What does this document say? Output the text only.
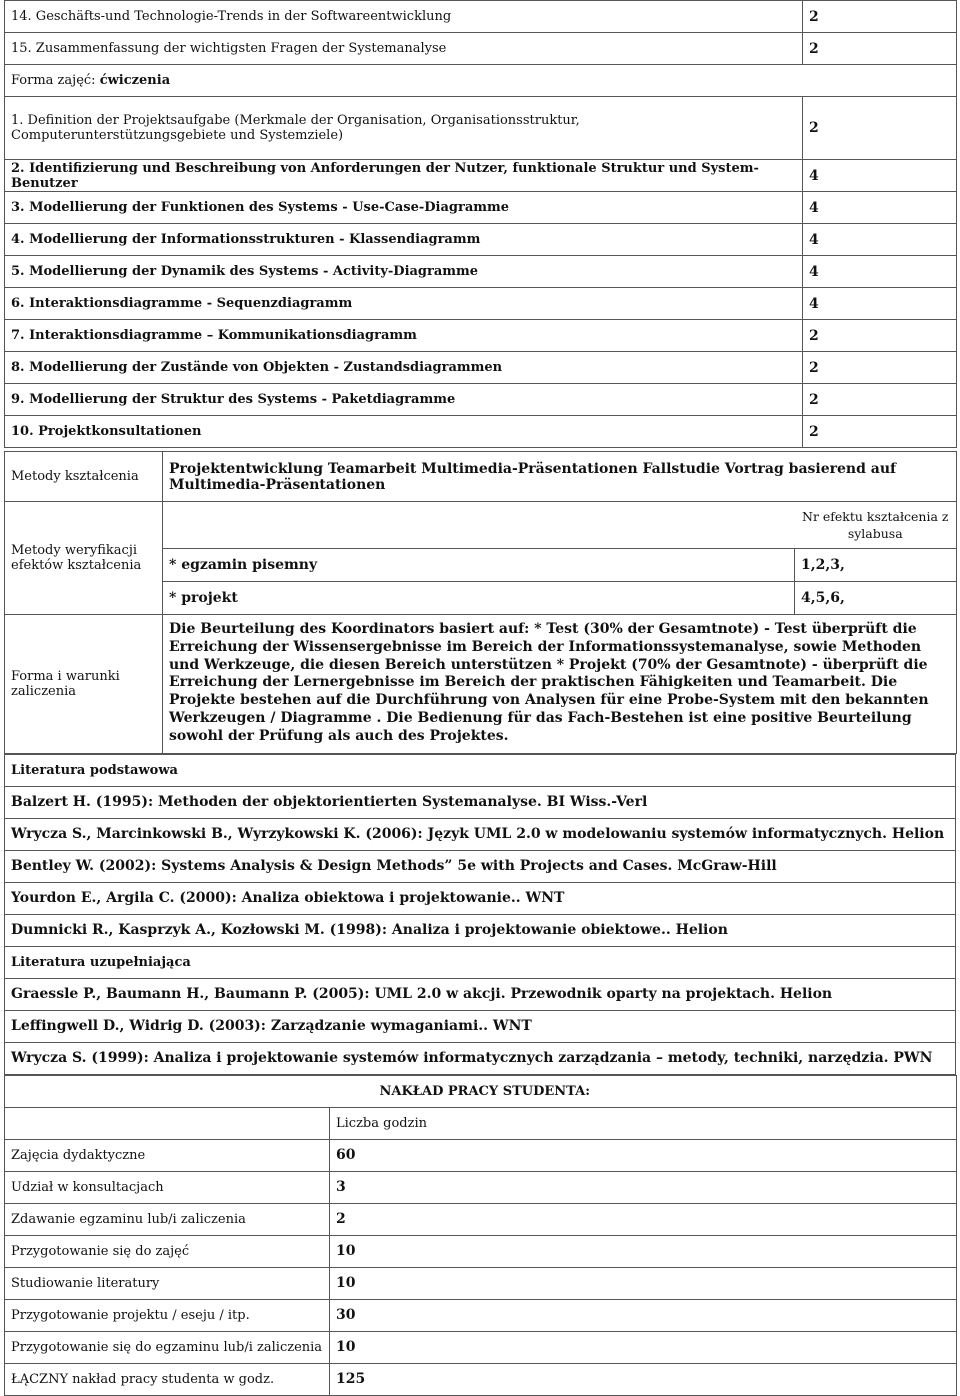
14. Geschäfts-und Technologie-Trends in der Softwareentwicklung	2
15. Zusammenfassung der wichtigsten Fragen der Systemanalyse	2
Forma zajęć: ćwiczenia	
1. Definition der Projektsaufgabe (Merkmale der Organisation, Organisationsstruktur, Computerunterstützungsgebiete und Systemziele)	2
2. Identifizierung und Beschreibung von Anforderungen der Nutzer, funktionale Struktur und System-Benutzer	4
3. Modellierung der Funktionen des Systems - Use-Case-Diagramme	4
4. Modellierung der Informationsstrukturen - Klassendiagramm	4
5. Modellierung der Dynamik des Systems - Activity-Diagramme	4
6. Interaktionsdiagramme - Sequenzdiagramm	4
7. Interaktionsdiagramme – Kommunikationsdiagramm	2
8. Modellierung der Zustände von Objekten - Zustandsdiagrammen	2
9. Modellierung der Struktur des Systems - Paketdiagramme	2
10. Projektkonsultationen	2
Metody kształcenia	Projektentwicklung Teamarbeit Multimedia-Präsentationen Fallstudie Vortrag basierend auf Multimedia-Präsentationen	
Metody weryfikacji efektów kształcenia		Nr efektu kształcenia z sylabusa
	* egzamin pisemny	1,2,3,
	* projekt	4,5,6,
Forma i warunki zaliczenia	Die Beurteilung des Koordinators basiert auf: * Test (30% der Gesamtnote) - Test überprüft die Erreichung der Wissensergebnisse im Bereich der Informationssystemanalyse, sowie Methoden und Werkzeuge, die diesen Bereich unterstützen * Projekt (70% der Gesamtnote) - überprüft die Erreichung der Lernergebnisse im Bereich der praktischen Fähigkeiten und Teamarbeit. Die Projekte bestehen auf die Durchführung von Analysen für eine Probe-System mit den bekannten Werkzeugen / Diagramme . Die Bedienung für das Fach-Bestehen ist eine positive Beurteilung sowohl der Prüfung als auch des Projektes.	
Literatura podstawowa
Balzert H. (1995): Methoden der objektorientierten Systemanalyse. BI Wiss.-Verl
Wrycza S., Marcinkowski B., Wyrzykowski K. (2006): Język UML 2.0 w modelowaniu systemów informatycznych. Helion
Bentley W. (2002): Systems Analysis & Design Methods” 5e with Projects and Cases. McGraw-Hill
Yourdon E., Argila C. (2000): Analiza obiektowa i projektowanie.. WNT
Dumnicki R., Kasprzyk A., Kozłowski M. (1998): Analiza i projektowanie obiektowe.. Helion
Literatura uzupełniająca
Graessle P., Baumann H., Baumann P. (2005): UML 2.0 w akcji. Przewodnik oparty na projektach. Helion
Leffingwell D., Widrig D. (2003): Zarządzanie wymaganiami.. WNT
Wrycza S. (1999): Analiza i projektowanie systemów informatycznych zarządzania – metody, techniki, narzędzia. PWN
	NAKŁAD PRACY STUDENTA:
	Liczba godzin
Zajęcia dydaktyczne	60
Udział w konsultacjach	3
Zdawanie egzaminu lub/i zaliczenia	2
Przygotowanie się do zajęć	10
Studiowanie literatury	10
Przygotowanie projektu / eseju / itp.	30
Przygotowanie się do egzaminu lub/i zaliczenia	10
ŁĄCZNY nakład pracy studenta w godz.	125
